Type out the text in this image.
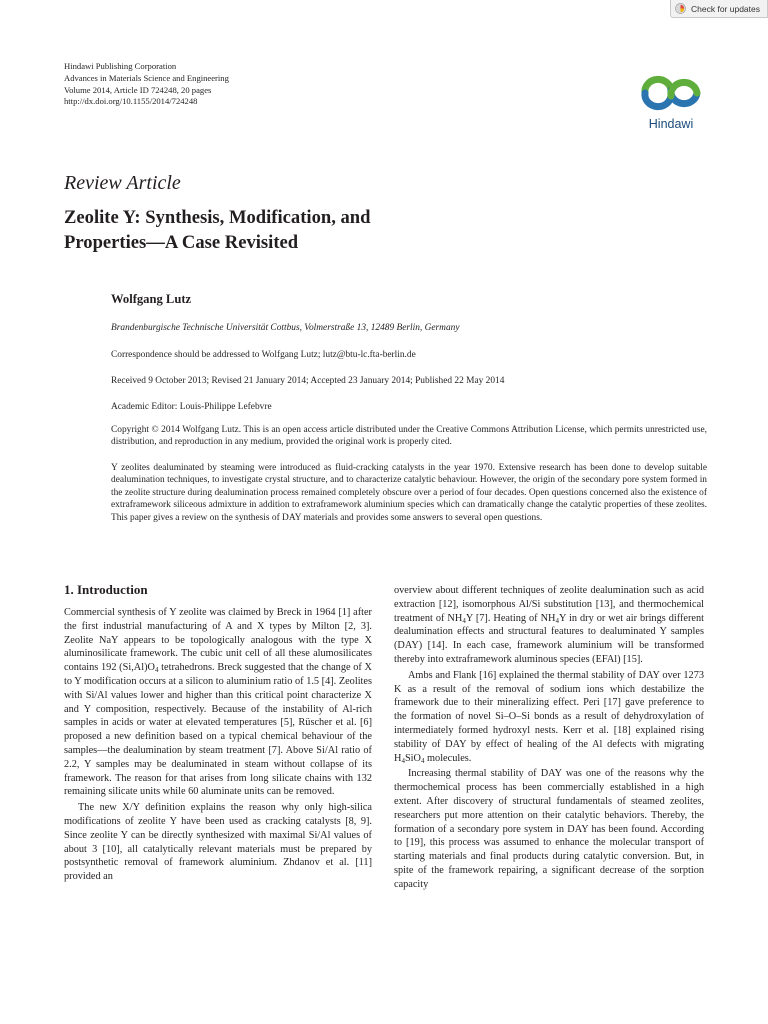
Check for updates
Hindawi Publishing Corporation
Advances in Materials Science and Engineering
Volume 2014, Article ID 724248, 20 pages
http://dx.doi.org/10.1155/2014/724248
Hindawi
Review Article
Zeolite Y: Synthesis, Modification, and
Properties—A Case Revisited
Wolfgang Lutz

Brandenburgische Technische Universität Cottbus, Volmerstraße 13, 12489 Berlin, Germany

Correspondence should be addressed to Wolfgang Lutz; lutz@btu-lc.fta-berlin.de

Received 9 October 2013; Revised 21 January 2014; Accepted 23 January 2014; Published 22 May 2014

Academic Editor: Louis-Philippe Lefebvre

Copyright © 2014 Wolfgang Lutz. This is an open access article distributed under the Creative Commons Attribution License, which permits unrestricted use, distribution, and reproduction in any medium, provided the original work is properly cited.

Y zeolites dealuminated by steaming were introduced as fluid-cracking catalysts in the year 1970. Extensive research has been done to develop suitable dealumination techniques, to investigate crystal structure, and to characterize catalytic behaviour. However, the origin of the secondary pore system formed in the zeolite structure during dealumination process remained completely obscure over a period of four decades. Open questions concerned also the existence of extraframework siliceous admixture in addition to extraframework aluminium species which can dramatically change the catalytic properties of these zeolites. This paper gives a review on the synthesis of DAY materials and provides some answers to several open questions.

1. Introduction

Commercial synthesis of Y zeolite was claimed by Breck in 1964 [1] after the first industrial manufacturing of A and X types by Milton [2, 3]. Zeolite NaY appears to be topologically analogous with the type X aluminosilicate framework. The cubic unit cell of all these alumosilicates contains 192 $(Si,Al)O_4$ tetrahedrons. Breck suggested that the change of X to Y modification occurs at a silicon to aluminium ratio of 1.5 [4]. Zeolites with Si/Al values lower and higher than this critical point characterize X and Y composition, respectively. Because of the instability of Al-rich samples in acids or water at elevated temperatures [5], Rüscher et al. [6] proposed a new definition based on a typical chemical behaviour of the samples—the dealumination by steam treatment [7]. Above Si/Al ratio of 2.2, Y samples may be dealuminated in steam without collapse of its framework. The reason for that arises from long silicate chains with 132 remaining silicate units while 60 aluminate units can be removed.

The new X/Y definition explains the reason why only high-silica modifications of zeolite Y have been used as cracking catalysts [8, 9]. Since zeolite Y can be directly synthesized with maximal Si/Al values of about 3 [10], all catalytically relevant materials must be prepared by postsynthetic removal of framework aluminium. Zhdanov et al. [11] provided an

overview about different techniques of zeolite dealumination such as acid extraction [12], isomorphous Al/Si substitution [13], and thermochemical treatment of $NH_4Y$ [7]. Heating of $NH_4Y$ in dry or wet air brings different dealumination effects and structural features to dealuminated Y samples (DAY) [14]. In each case, framework aluminium will be transformed thereby into extraframework aluminous species (EFAl) [15].

Ambs and Flank [16] explained the thermal stability of DAY over 1273 K as a result of the removal of sodium ions which destabilize the framework due to their mineralizing effect. Peri [17] gave preference to the formation of novel Si–O–Si bonds as a result of dehydroxylation of intermediately formed hydroxyl nests. Kerr et al. [18] explained rising stability of DAY by effect of healing of the Al defects with migrating $H_4SiO_4$ molecules.

Increasing thermal stability of DAY was one of the reasons why the thermochemical process has been commercially established in a high extent. After discovery of structural fundamentals of steamed zeolites, researchers put more attention on their catalytic behaviors. Thereby, the formation of a secondary pore system in DAY has been found. According to [19], this process was assumed to enhance the molecular transport of starting materials and final products during catalytic conversion. But, in spite of the framework repairing, a significant decrease of the sorption capacity
